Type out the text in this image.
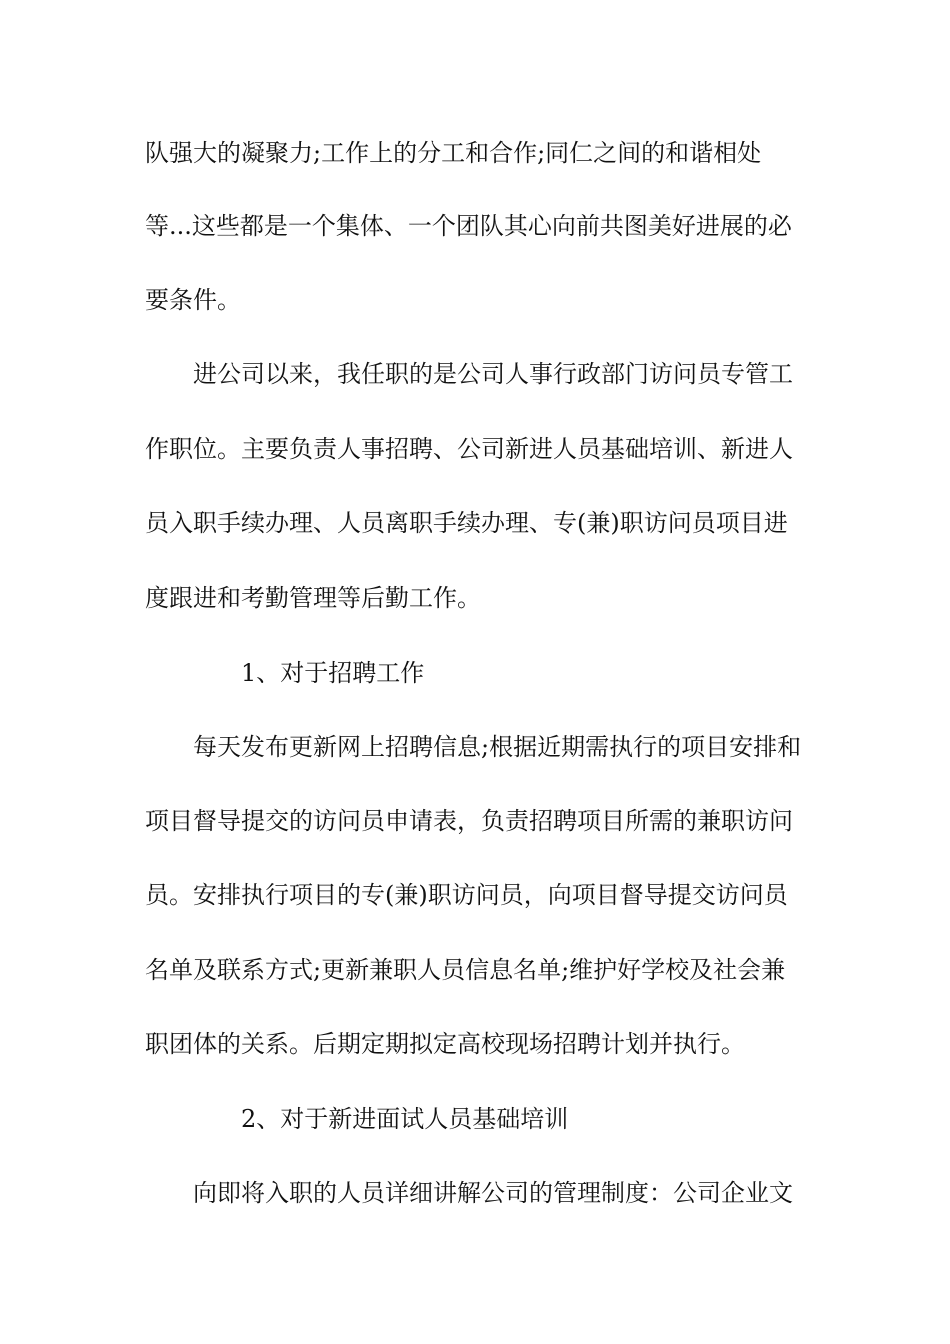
队强大的凝聚力;工作上的分工和合作;同仁之间的和谐相处
等...这些都是一个集体、一个团队其心向前共图美好进展的必
要条件。
进公司以来，我任职的是公司人事行政部门访问员专管工
作职位。主要负责人事招聘、公司新进人员基础培训、新进人
员入职手续办理、人员离职手续办理、专(兼)职访问员项目进
度跟进和考勤管理等后勤工作。
1、对于招聘工作
每天发布更新网上招聘信息;根据近期需执行的项目安排和
项目督导提交的访问员申请表，负责招聘项目所需的兼职访问
员。安排执行项目的专(兼)职访问员，向项目督导提交访问员
名单及联系方式;更新兼职人员信息名单;维护好学校及社会兼
职团体的关系。后期定期拟定高校现场招聘计划并执行。
2、对于新进面试人员基础培训
向即将入职的人员详细讲解公司的管理制度：公司企业文
